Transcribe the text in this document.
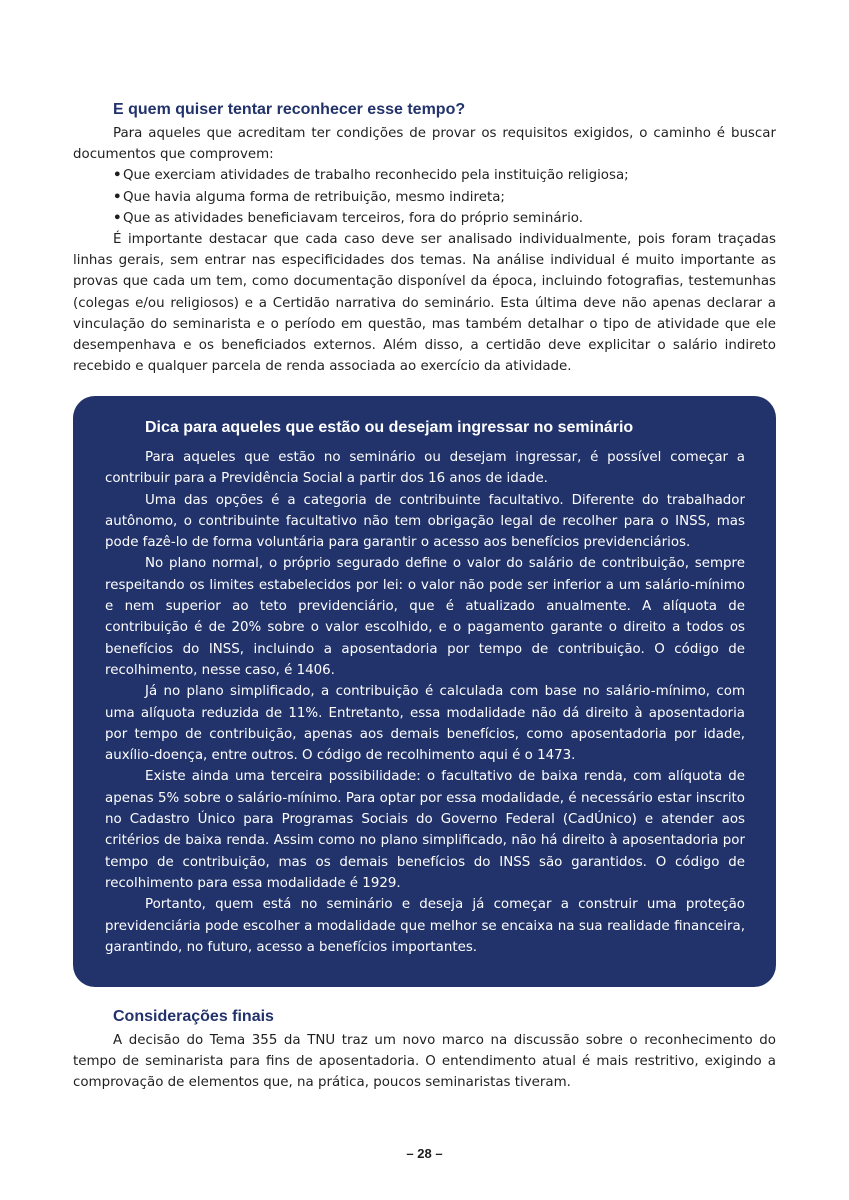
E quem quiser tentar reconhecer esse tempo?

Para aqueles que acreditam ter condições de provar os requisitos exigidos, o caminho é buscar documentos que comprovem:

•Que exerciam atividades de trabalho reconhecido pela instituição religiosa;
•Que havia alguma forma de retribuição, mesmo indireta;
•Que as atividades beneficiavam terceiros, fora do próprio seminário.

É importante destacar que cada caso deve ser analisado individualmente, pois foram traçadas linhas gerais, sem entrar nas especificidades dos temas. Na análise individual é muito importante as provas que cada um tem, como documentação disponível da época, incluindo fotografias, testemunhas (colegas e/ou religiosos) e a Certidão narrativa do seminário. Esta última deve não apenas declarar a vinculação do seminarista e o período em questão, mas também detalhar o tipo de atividade que ele desempenhava e os beneficiados externos. Além disso, a certidão deve explicitar o salário indireto recebido e qualquer parcela de renda associada ao exercício da atividade.

Dica para aqueles que estão ou desejam ingressar no seminário

Para aqueles que estão no seminário ou desejam ingressar, é possível começar a contribuir para a Previdência Social a partir dos 16 anos de idade.

Uma das opções é a categoria de contribuinte facultativo. Diferente do trabalhador autônomo, o contribuinte facultativo não tem obrigação legal de recolher para o INSS, mas pode fazê-lo de forma voluntária para garantir o acesso aos benefícios previdenciários.

No plano normal, o próprio segurado define o valor do salário de contribuição, sempre respeitando os limites estabelecidos por lei: o valor não pode ser inferior a um salário-mínimo e nem superior ao teto previdenciário, que é atualizado anualmente. A alíquota de contribuição é de 20% sobre o valor escolhido, e o pagamento garante o direito a todos os benefícios do INSS, incluindo a aposentadoria por tempo de contribuição. O código de recolhimento, nesse caso, é 1406.

Já no plano simplificado, a contribuição é calculada com base no salário-mínimo, com uma alíquota reduzida de 11%. Entretanto, essa modalidade não dá direito à aposentadoria por tempo de contribuição, apenas aos demais benefícios, como aposentadoria por idade, auxílio-doença, entre outros. O código de recolhimento aqui é o 1473.

Existe ainda uma terceira possibilidade: o facultativo de baixa renda, com alíquota de apenas 5% sobre o salário-mínimo. Para optar por essa modalidade, é necessário estar inscrito no Cadastro Único para Programas Sociais do Governo Federal (CadÚnico) e atender aos critérios de baixa renda. Assim como no plano simplificado, não há direito à aposentadoria por tempo de contribuição, mas os demais benefícios do INSS são garantidos. O código de recolhimento para essa modalidade é 1929.

Portanto, quem está no seminário e deseja já começar a construir uma proteção previdenciária pode escolher a modalidade que melhor se encaixa na sua realidade financeira, garantindo, no futuro, acesso a benefícios importantes.

Considerações finais

A decisão do Tema 355 da TNU traz um novo marco na discussão sobre o reconhecimento do tempo de seminarista para fins de aposentadoria. O entendimento atual é mais restritivo, exigindo a comprovação de elementos que, na prática, poucos seminaristas tiveram.

– 28 –
